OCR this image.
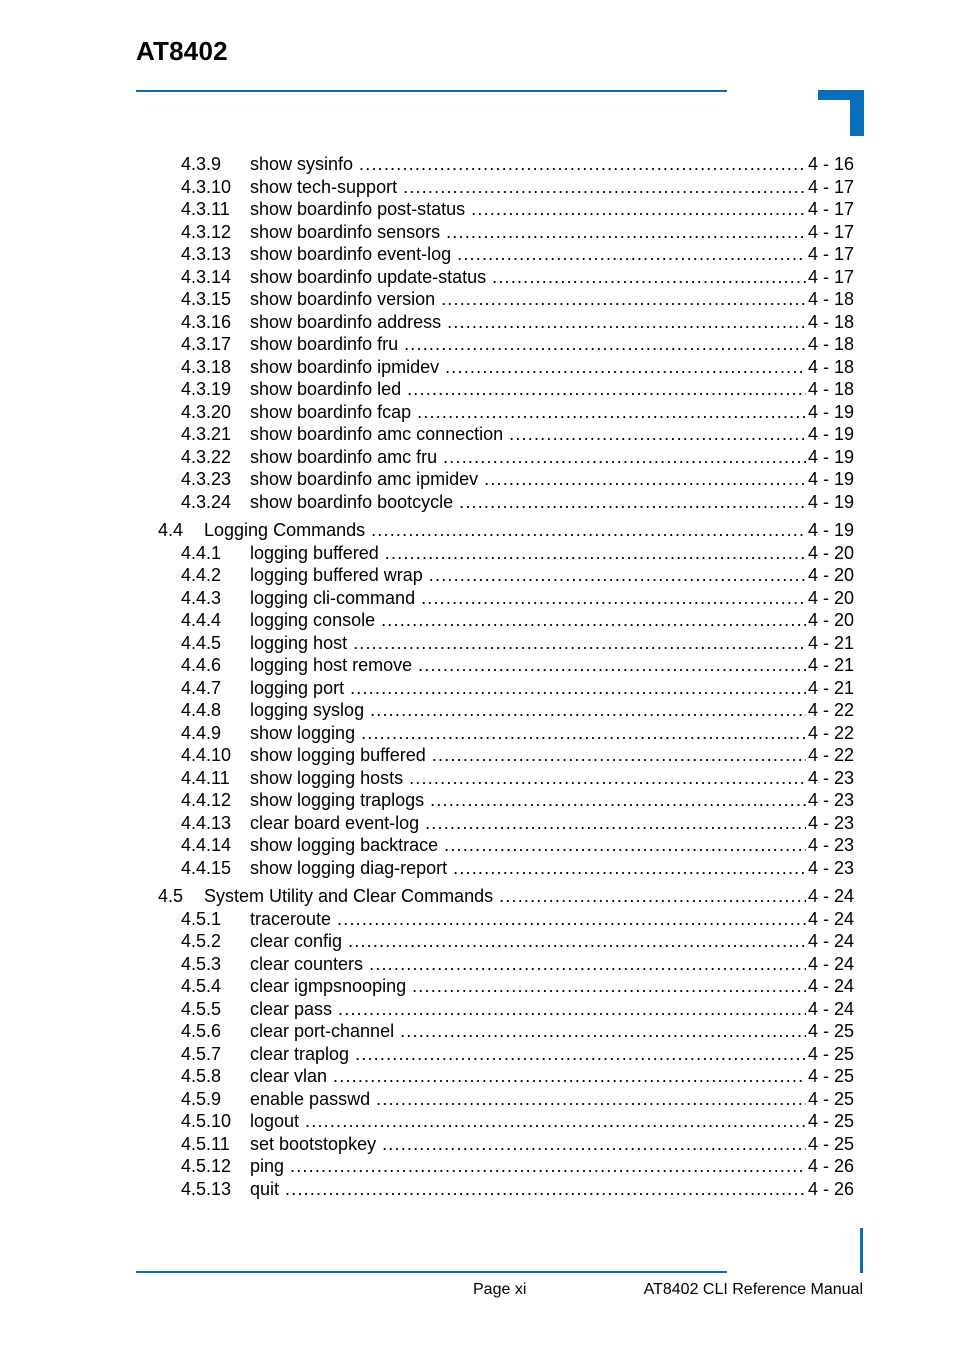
AT8402
4.3.9	show sysinfo .....	4 - 16
4.3.10	show tech-support .....	4 - 17
4.3.11	show boardinfo post-status .....	4 - 17
4.3.12	show boardinfo sensors .....	4 - 17
4.3.13	show boardinfo event-log .....	4 - 17
4.3.14	show boardinfo update-status .....	4 - 17
4.3.15	show boardinfo version .....	4 - 18
4.3.16	show boardinfo address .....	4 - 18
4.3.17	show boardinfo fru .....	4 - 18
4.3.18	show boardinfo ipmidev .....	4 - 18
4.3.19	show boardinfo led .....	4 - 18
4.3.20	show boardinfo fcap .....	4 - 19
4.3.21	show boardinfo amc connection .....	4 - 19
4.3.22	show boardinfo amc fru .....	4 - 19
4.3.23	show boardinfo amc ipmidev .....	4 - 19
4.3.24	show boardinfo bootcycle .....	4 - 19
4.4	Logging Commands .....	4 - 19
4.4.1	logging buffered .....	4 - 20
4.4.2	logging buffered wrap .....	4 - 20
4.4.3	logging cli-command .....	4 - 20
4.4.4	logging console .....	4 - 20
4.4.5	logging host .....	4 - 21
4.4.6	logging host remove .....	4 - 21
4.4.7	logging port .....	4 - 21
4.4.8	logging syslog .....	4 - 22
4.4.9	show logging .....	4 - 22
4.4.10	show logging buffered .....	4 - 22
4.4.11	show logging hosts .....	4 - 23
4.4.12	show logging traplogs .....	4 - 23
4.4.13	clear board event-log .....	4 - 23
4.4.14	show logging backtrace .....	4 - 23
4.4.15	show logging diag-report .....	4 - 23
4.5	System Utility and Clear Commands .....	4 - 24
4.5.1	traceroute .....	4 - 24
4.5.2	clear config .....	4 - 24
4.5.3	clear counters .....	4 - 24
4.5.4	clear igmpsnooping .....	4 - 24
4.5.5	clear pass .....	4 - 24
4.5.6	clear port-channel .....	4 - 25
4.5.7	clear traplog .....	4 - 25
4.5.8	clear vlan .....	4 - 25
4.5.9	enable passwd .....	4 - 25
4.5.10	logout .....	4 - 25
4.5.11	set bootstopkey .....	4 - 25
4.5.12	ping .....	4 - 26
4.5.13	quit .....	4 - 26
Page xi	AT8402 CLI Reference Manual
